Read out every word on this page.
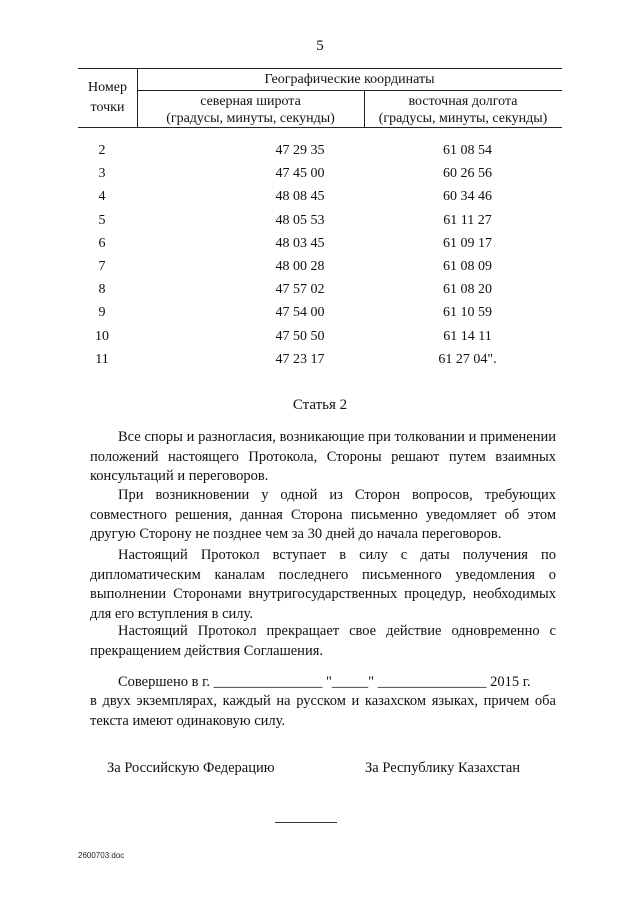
5
Номер
точки
Географические координаты
северная широта
(градусы, минуты, секунды)
восточная долгота
(градусы, минуты, секунды)
2	47 29 35	61 08 54
3	47 45 00	60 26 56
4	48 08 45	60 34 46
5	48 05 53	61 11 27
6	48 03 45	61 09 17
7	48 00 28	61 08 09
8	47 57 02	61 08 20
9	47 54 00	61 10 59
10	47 50 50	61 14 11
11	47 23 17	61 27 04".
Статья 2

Все споры и разногласия, возникающие при толковании и применении положений настоящего Протокола, Стороны решают путем взаимных консультаций и переговоров.

При возникновении у одной из Сторон вопросов, требующих совместного решения, данная Сторона письменно уведомляет об этом другую Сторону не позднее чем за 30 дней до начала переговоров.

Настоящий Протокол вступает в силу с даты получения по дипломатическим каналам последнего письменного уведомления о выполнении Сторонами внутригосударственных процедур, необходимых для его вступления в силу.

Настоящий Протокол прекращает свое действие одновременно с прекращением действия Соглашения.

Совершено в г. _______________ "_____" _______________ 2015 г.
в двух экземплярах, каждый на русском и казахском языках, причем оба
текста имеют одинаковую силу.
За Российскую Федерацию	За Республику Казахстан
2600703.doc
